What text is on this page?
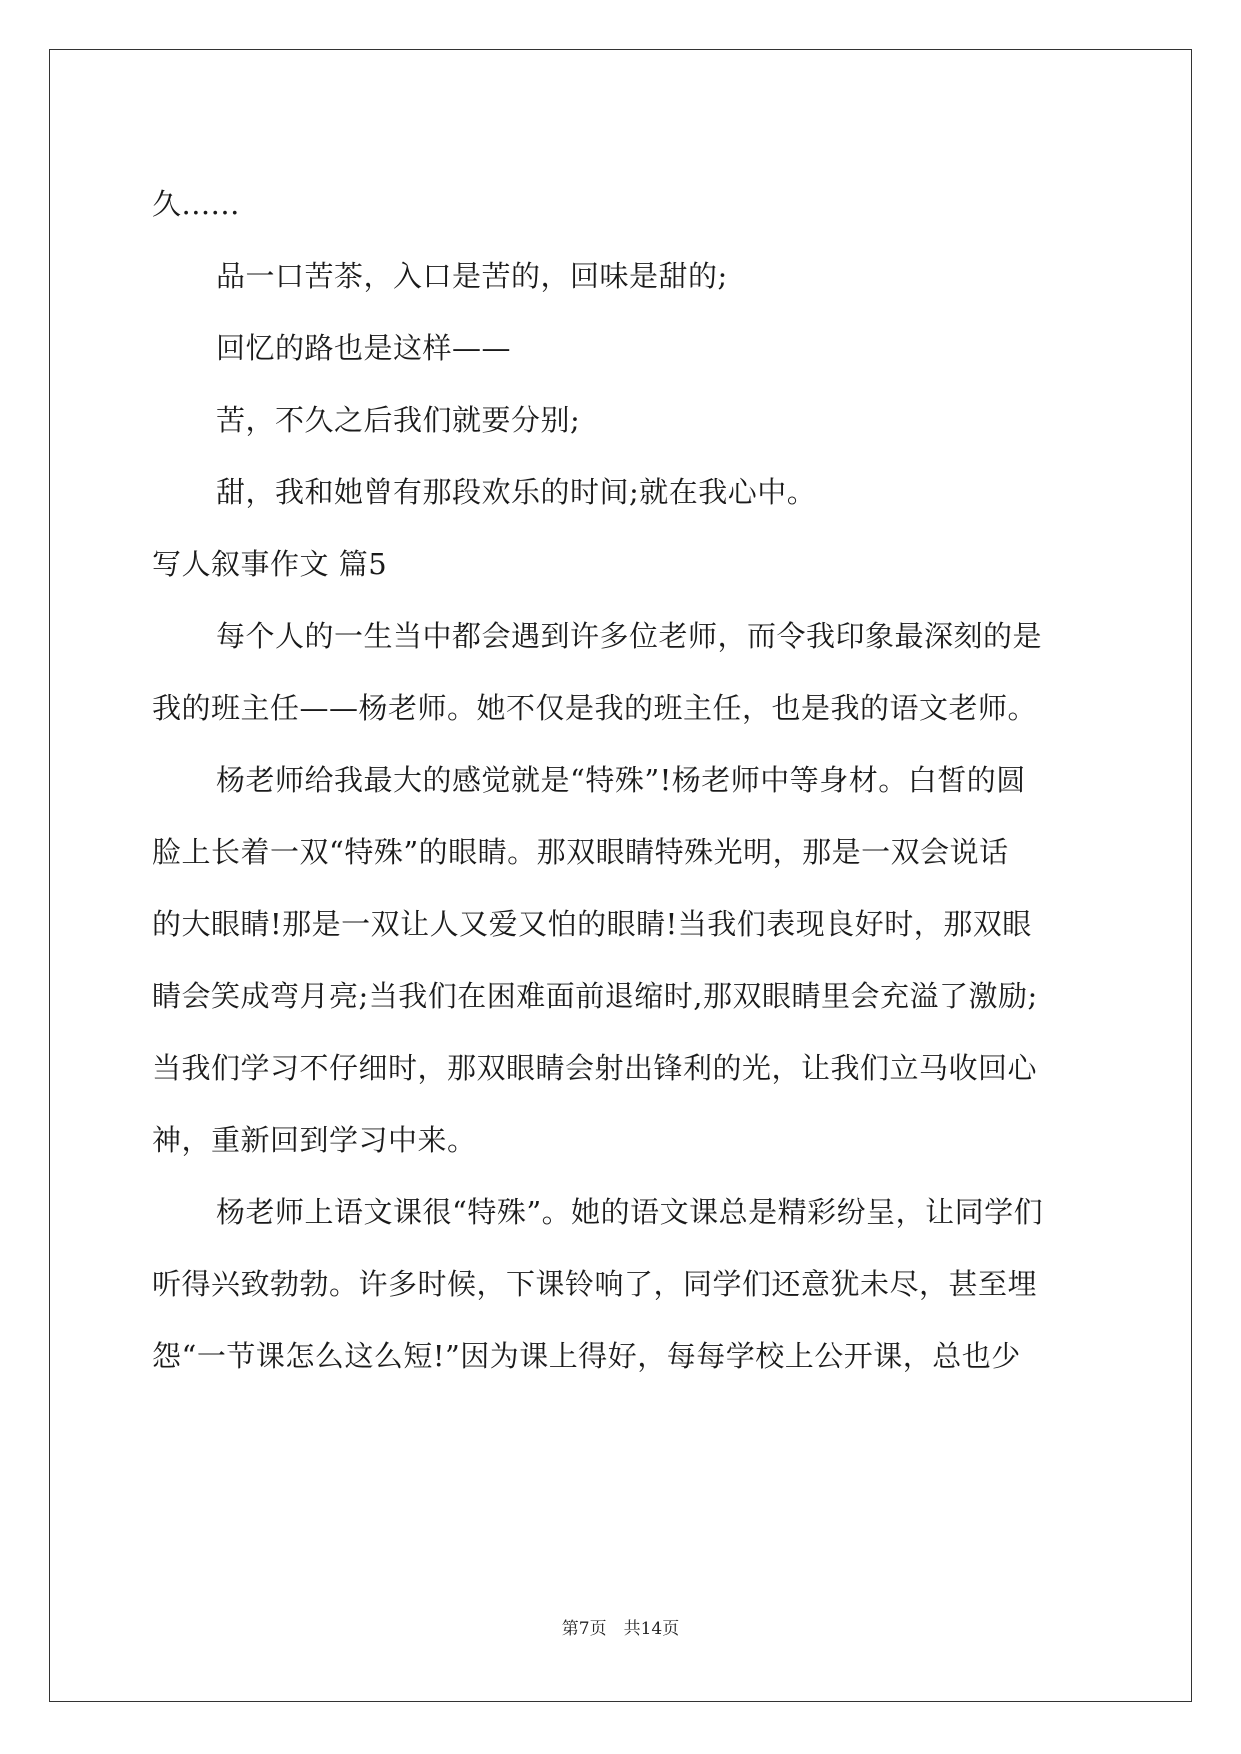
久......
品一口苦茶，入口是苦的，回味是甜的;
回忆的路也是这样——
苦，不久之后我们就要分别;
甜，我和她曾有那段欢乐的时间;就在我心中。
写人叙事作文 篇5
每个人的一生当中都会遇到许多位老师，而令我印象最深刻的是
我的班主任——杨老师。她不仅是我的班主任，也是我的语文老师。
杨老师给我最大的感觉就是“特殊”!杨老师中等身材。白皙的圆
脸上长着一双“特殊”的眼睛。那双眼睛特殊光明，那是一双会说话
的大眼睛!那是一双让人又爱又怕的眼睛!当我们表现良好时，那双眼
睛会笑成弯月亮;当我们在困难面前退缩时,那双眼睛里会充溢了激励;
当我们学习不仔细时，那双眼睛会射出锋利的光，让我们立马收回心
神，重新回到学习中来。
杨老师上语文课很“特殊”。她的语文课总是精彩纷呈，让同学们
听得兴致勃勃。许多时候，下课铃响了，同学们还意犹未尽，甚至埋
怨“一节课怎么这么短!”因为课上得好，每每学校上公开课，总也少
第7页　共14页
